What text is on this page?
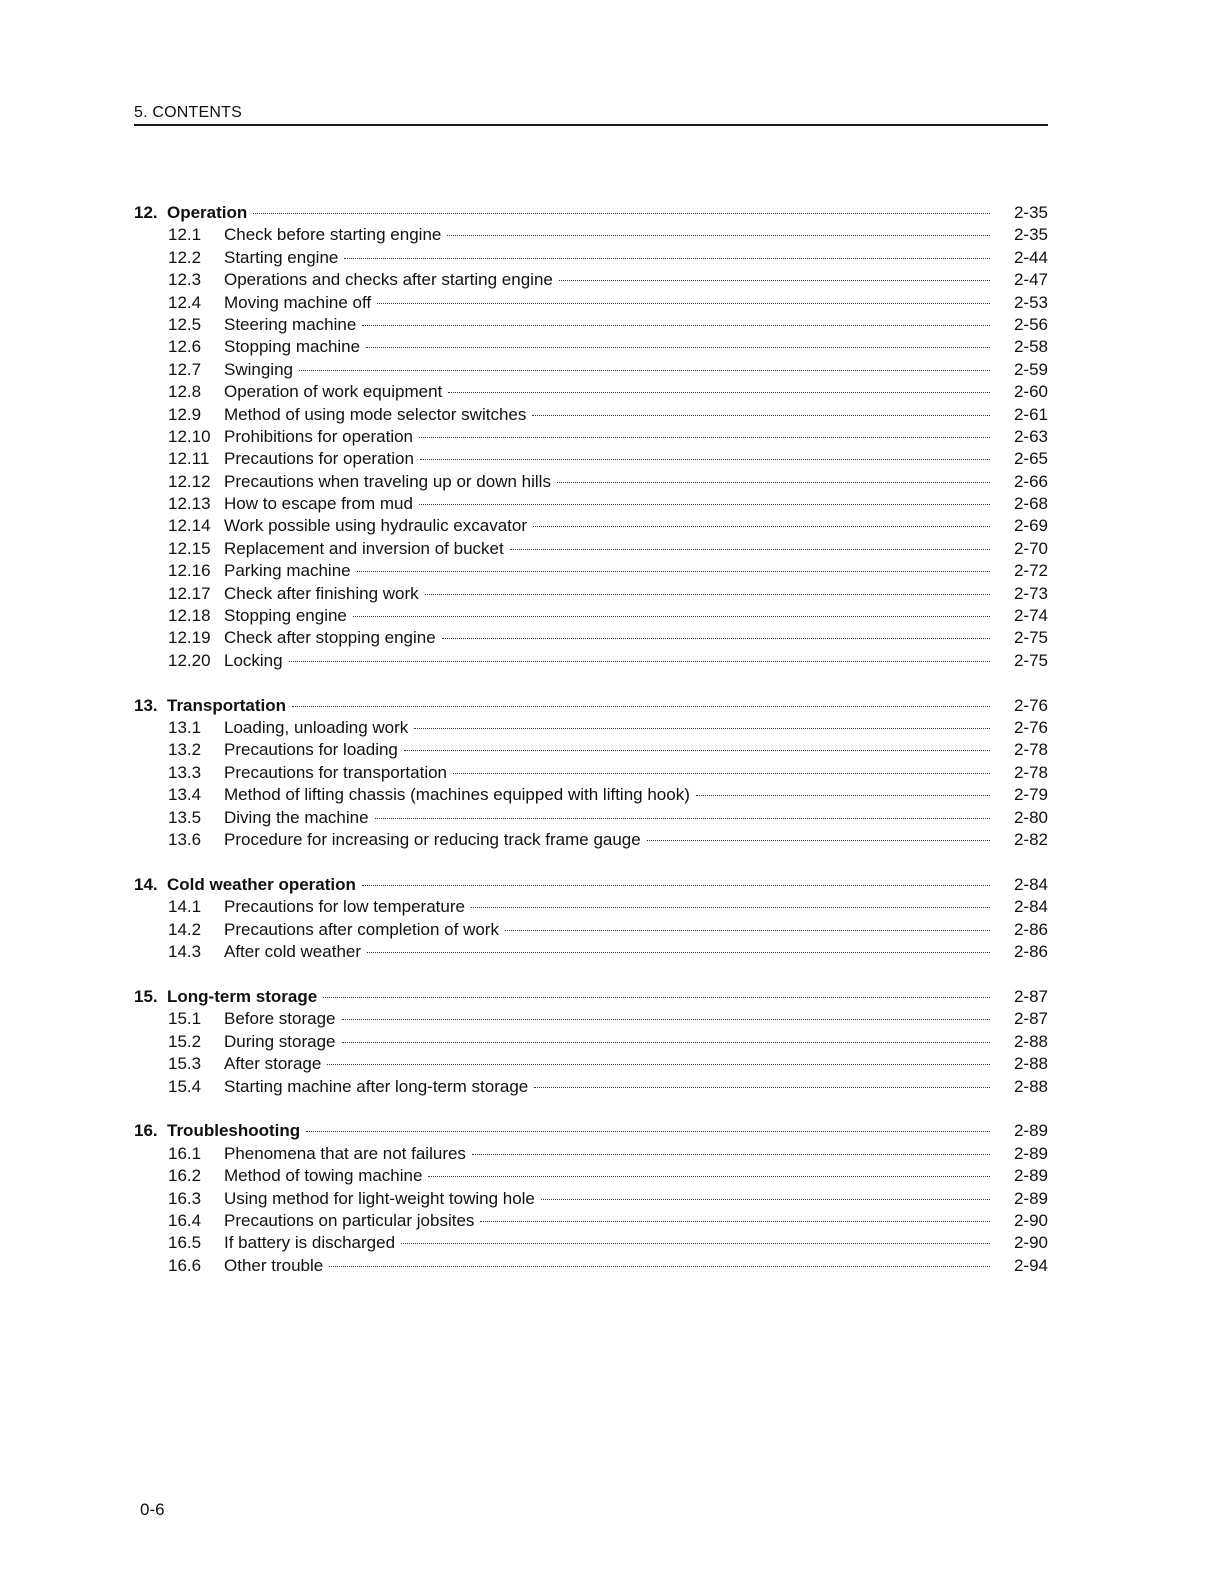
5. CONTENTS
12. Operation	2-35
12.1	Check before starting engine	2-35
12.2	Starting engine	2-44
12.3	Operations and checks after starting engine	2-47
12.4	Moving machine off	2-53
12.5	Steering machine	2-56
12.6	Stopping machine	2-58
12.7	Swinging	2-59
12.8	Operation of work equipment	2-60
12.9	Method of using mode selector switches	2-61
12.10 Prohibitions for operation	2-63
12.11 Precautions for operation	2-65
12.12 Precautions when traveling up or down hills	2-66
12.13 How to escape from mud	2-68
12.14 Work possible using hydraulic excavator	2-69
12.15 Replacement and inversion of bucket	2-70
12.16 Parking machine	2-72
12.17 Check after finishing work	2-73
12.18 Stopping engine	2-74
12.19 Check after stopping engine	2-75
12.20 Locking	2-75
13. Transportation	2-76
13.1	Loading, unloading work	2-76
13.2	Precautions for loading	2-78
13.3	Precautions for transportation	2-78
13.4	Method of lifting chassis (machines equipped with lifting hook)	2-79
13.5	Diving the machine	2-80
13.6	Procedure for increasing or reducing track frame gauge	2-82
14. Cold weather operation	2-84
14.1	Precautions for low temperature	2-84
14.2	Precautions after completion of work	2-86
14.3	After cold weather	2-86
15. Long-term storage	2-87
15.1	Before storage	2-87
15.2	During storage	2-88
15.3	After storage	2-88
15.4	Starting machine after long-term storage	2-88
16. Troubleshooting	2-89
16.1	Phenomena that are not failures	2-89
16.2	Method of towing machine	2-89
16.3	Using method for light-weight towing hole	2-89
16.4	Precautions on particular jobsites	2-90
16.5	If battery is discharged	2-90
16.6	Other trouble	2-94
0-6
